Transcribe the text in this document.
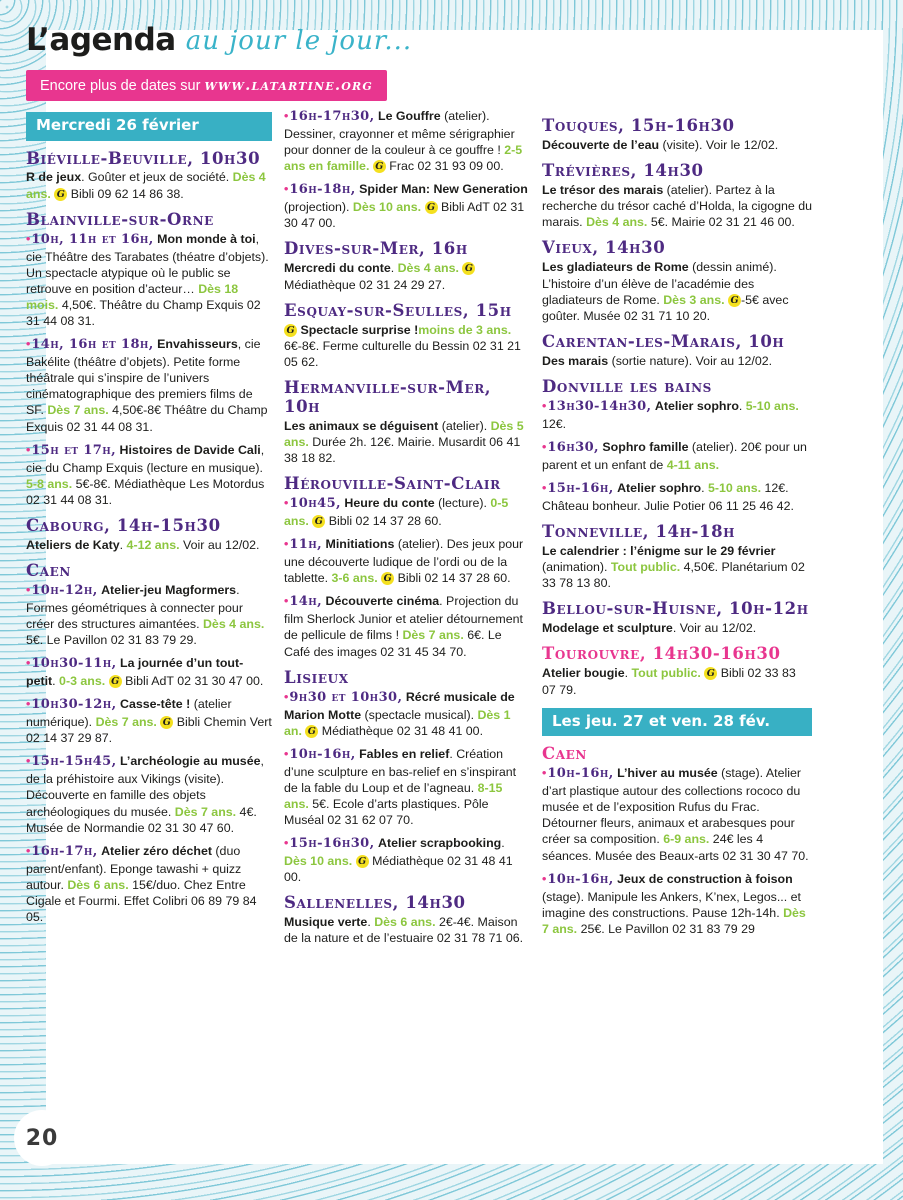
20
L’agenda au jour le jour...
Encore plus de dates sur www.latartine.org
Mercredi 26 février
Biéville-Beuville, 10h30

R de jeux. Goûter et jeux de société. Dès 4 ans. G Bibli 09 62 14 86 38.

Blainville-sur-Orne

• 10h, 11h et 16h, Mon monde à toi, cie Théâtre des Tarabates (théatre d’objets). Un spectacle atypique où le public se retrouve en position d’acteur… Dès 18 mois. 4,50€. Théâtre du Champ Exquis 02 31 44 08 31.

• 14h, 16h et 18h, Envahisseurs, cie Bakélite (théâtre d’objets). Petite forme théâtrale qui s’inspire de l’univers cinématographique des premiers films de SF. Dès 7 ans. 4,50€-8€ Théâtre du Champ Exquis 02 31 44 08 31.

• 15h et 17h, Histoires de Davide Cali, cie du Champ Exquis (lecture en musique). 5-8 ans. 5€-8€. Médiathèque Les Motordus 02 31 44 08 31.

Cabourg, 14h-15h30

Ateliers de Katy. 4-12 ans. Voir au 12/02.

Caen

• 10h-12h, Atelier-jeu Magformers. Formes géométriques à connecter pour créer des structures aimantées. Dès 4 ans. 5€. Le Pavillon 02 31 83 79 29.

• 10h30-11h, La journée d’un tout-petit. 0-3 ans. G Bibli AdT 02 31 30 47 00.

• 10h30-12h, Casse-tête ! (atelier numérique). Dès 7 ans. G Bibli Chemin Vert 02 14 37 29 87.

• 15h-15h45, L’archéologie au musée, de la préhistoire aux Vikings (visite). Découverte en famille des objets archéologiques du musée. Dès 7 ans. 4€. Musée de Normandie 02 31 30 47 60.

• 16h-17h, Atelier zéro déchet (duo parent/enfant). Eponge tawashi + quizz autour. Dès 6 ans. 15€/duo. Chez Entre Cigale et Fourmi. Effet Colibri 06 89 79 84 05.

• 16h-17h30, Le Gouffre (atelier). Dessiner, crayonner et même sérigraphier pour donner de la couleur à ce gouffre ! 2-5 ans en famille. G Frac 02 31 93 09 00.

• 16h-18h, Spider Man: New Generation (projection). Dès 10 ans. G Bibli AdT 02 31 30 47 00.

Dives-sur-Mer, 16h

Mercredi du conte. Dès 4 ans. G Médiathèque 02 31 24 29 27.

Esquay-sur-Seulles, 15h

G Spectacle surprise !moins de 3 ans. 6€-8€. Ferme culturelle du Bessin 02 31 21 05 62.

Hermanville-sur-Mer, 10h

Les animaux se déguisent (atelier). Dès 5 ans. Durée 2h. 12€. Mairie. Musardit 06 41 38 18 82.

Hérouville-Saint-Clair

• 10h45, Heure du conte (lecture). 0-5 ans. G Bibli 02 14 37 28 60.

• 11h, Minitiations (atelier). Des jeux pour une découverte ludique de l’ordi ou de la tablette. 3-6 ans. G Bibli 02 14 37 28 60.

• 14h, Découverte cinéma. Projection du film Sherlock Junior et atelier détournement de pellicule de films ! Dès 7 ans. 6€. Le Café des images 02 31 45 34 70.

Lisieux

• 9h30 et 10h30, Récré musicale de Marion Motte (spectacle musical). Dès 1 an. G Médiathèque 02 31 48 41 00.

• 10h-16h, Fables en relief. Création d’une sculpture en bas-relief en s’inspirant de la fable du Loup et de l’agneau. 8-15 ans. 5€. Ecole d’arts plastiques. Pôle Muséal 02 31 62 07 70.

• 15h-16h30, Atelier scrapbooking. Dès 10 ans. G Médiathèque 02 31 48 41 00.

Sallenelles, 14h30

Musique verte. Dès 6 ans. 2€-4€. Maison de la nature et de l’estuaire 02 31 78 71 06.

Touques, 15h-16h30

Découverte de l’eau (visite). Voir le 12/02.

Trévières, 14h30

Le trésor des marais (atelier). Partez à la recherche du trésor caché d’Holda, la cigogne du marais. Dès 4 ans. 5€. Mairie 02 31 21 46 00.

Vieux, 14h30

Les gladiateurs de Rome (dessin animé). L’histoire d’un élève de l’académie des gladiateurs de Rome. Dès 3 ans. G -5€ avec goûter. Musée 02 31 71 10 20.

Carentan-les-Marais, 10h

Des marais (sortie nature). Voir au 12/02.

Donville les bains

• 13h30-14h30, Atelier sophro. 5-10 ans. 12€.

• 16h30, Sophro famille (atelier). 20€ pour un parent et un enfant de 4-11 ans.

• 15h-16h, Atelier sophro. 5-10 ans. 12€. Château bonheur. Julie Potier 06 11 25 46 42.

Tonneville, 14h-18h

Le calendrier : l’énigme sur le 29 février (animation). Tout public. 4,50€. Planétarium 02 33 78 13 80.

Bellou-sur-Huisne, 10h-12h

Modelage et sculpture. Voir au 12/02.

Tourouvre, 14h30-16h30

Atelier bougie. Tout public. G Bibli 02 33 83 07 79.

Les jeu. 27 et ven. 28 fév.
Caen

• 10h-16h, L’hiver au musée (stage). Atelier d’art plastique autour des collections rococo du musée et de l’exposition Rufus du Frac. Détourner fleurs, animaux et arabesques pour créer sa composition. 6-9 ans. 24€ les 4 séances. Musée des Beaux-arts 02 31 30 47 70.

• 10h-16h, Jeux de construction à foison (stage). Manipule les Ankers, K’nex, Legos... et imagine des constructions. Pause 12h-14h. Dès 7 ans. 25€. Le Pavillon 02 31 83 79 29
